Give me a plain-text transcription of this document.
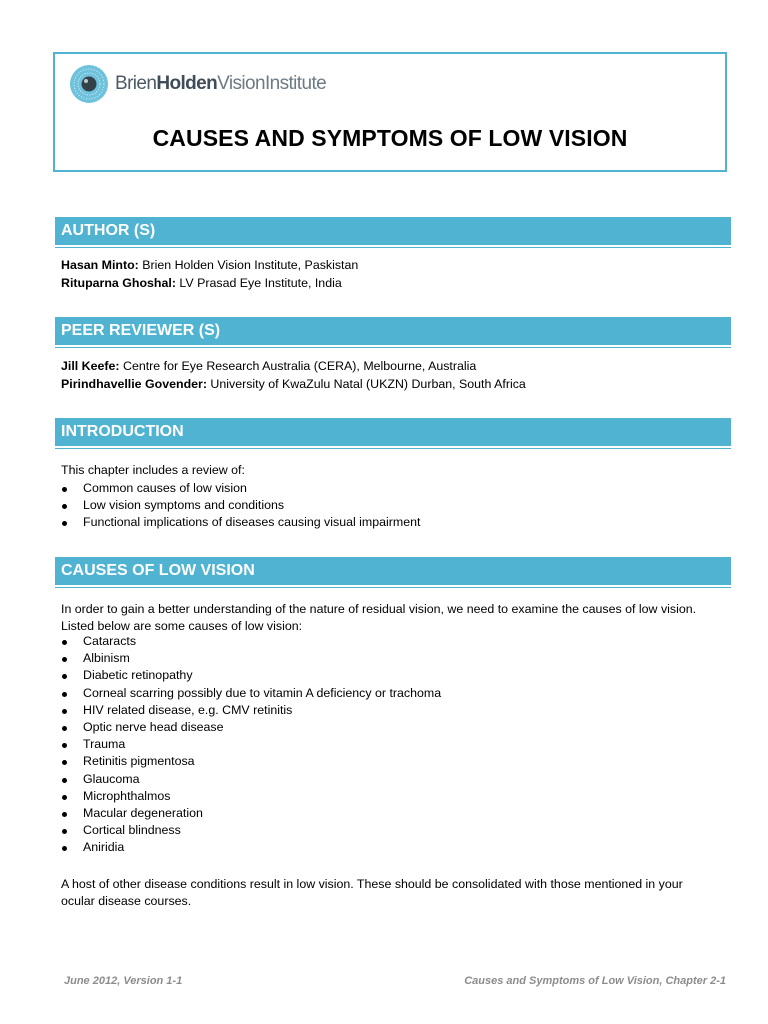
BrienHoldenVisionInstitute
CAUSES AND SYMPTOMS OF LOW VISION
AUTHOR (S)

Hasan Minto: Brien Holden Vision Institute, Paskistan

Rituparna Ghoshal: LV Prasad Eye Institute, India

PEER REVIEWER (S)

Jill Keefe: Centre for Eye Research Australia (CERA), Melbourne, Australia

Pirindhavellie Govender: University of KwaZulu Natal (UKZN) Durban, South Africa

INTRODUCTION

This chapter includes a review of:

Common causes of low vision
Low vision symptoms and conditions
Functional implications of diseases causing visual impairment
CAUSES OF LOW VISION

In order to gain a better understanding of the nature of residual vision, we need to examine the causes of low vision.
Listed below are some causes of low vision:

Cataracts
Albinism
Diabetic retinopathy
Corneal scarring possibly due to vitamin A deficiency or trachoma
HIV related disease, e.g. CMV retinitis
Optic nerve head disease
Trauma
Retinitis pigmentosa
Glaucoma
Microphthalmos
Macular degeneration
Cortical blindness
Aniridia

A host of other disease conditions result in low vision. These should be consolidated with those mentioned in your
ocular disease courses.

June 2012, Version 1-1	Causes and Symptoms of Low Vision, Chapter 2-1
